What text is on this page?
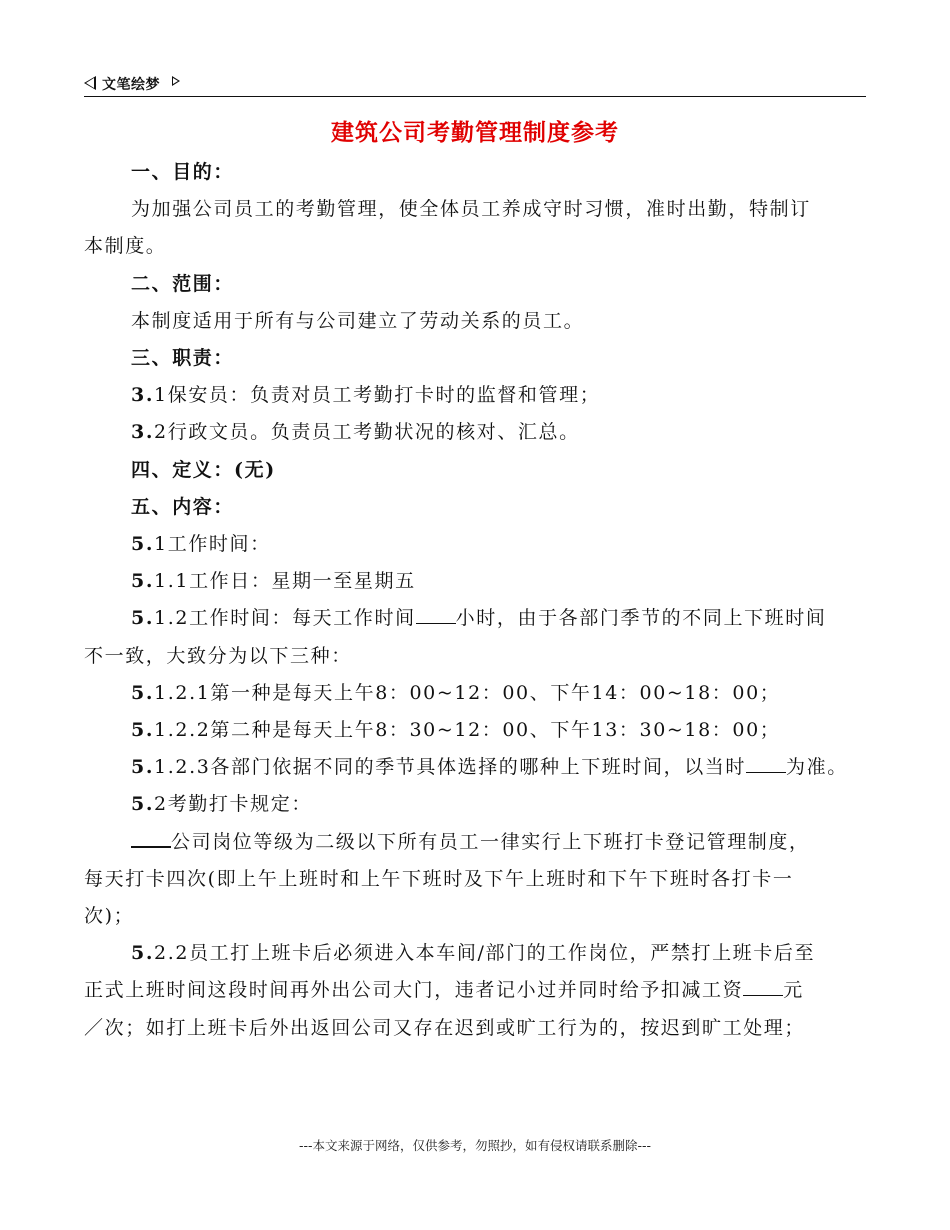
文笔绘梦
建筑公司考勤管理制度参考
一、目的：
为加强公司员工的考勤管理，使全体员工养成守时习惯，准时出勤，特制订
本制度。
二、范围：
本制度适用于所有与公司建立了劳动关系的员工。
三、职责：
3.1保安员：负责对员工考勤打卡时的监督和管理；
3.2行政文员。负责员工考勤状况的核对、汇总。
四、定义：(无)
五、内容：
5.1工作时间：
5.1.1工作日：星期一至星期五
5.1.2工作时间：每天工作时间 小时，由于各部门季节的不同上下班时间
不一致，大致分为以下三种：
5.1.2.1第一种是每天上午8：00~12：00、下午14：00~18：00；
5.1.2.2第二种是每天上午8：30~12：00、下午13：30~18：00；
5.1.2.3各部门依据不同的季节具体选择的哪种上下班时间，以当时 为准。
5.2考勤打卡规定：
公司岗位等级为二级以下所有员工一律实行上下班打卡登记管理制度，
每天打卡四次(即上午上班时和上午下班时及下午上班时和下午下班时各打卡一
次)；
5.2.2员工打上班卡后必须进入本车间/部门的工作岗位，严禁打上班卡后至
正式上班时间这段时间再外出公司大门，违者记小过并同时给予扣减工资 元
／次；如打上班卡后外出返回公司又存在迟到或旷工行为的，按迟到旷工处理；
---本文来源于网络，仅供参考，勿照抄，如有侵权请联系删除---
